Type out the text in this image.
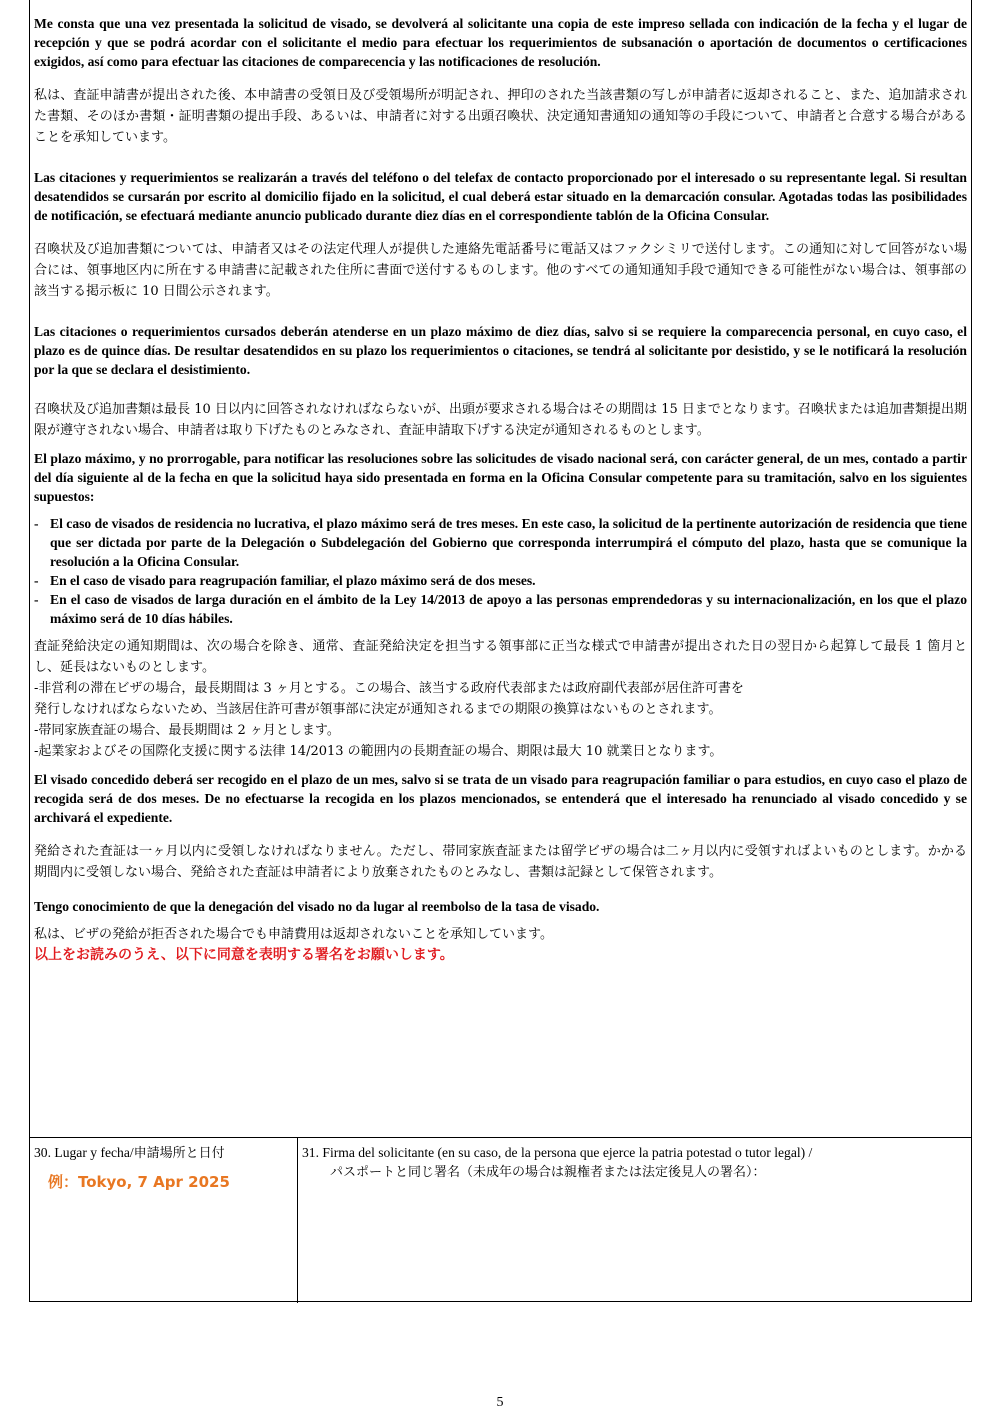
Me consta que una vez presentada la solicitud de visado, se devolverá al solicitante una copia de este impreso sellada con indicación de la fecha y el lugar de recepción y que se podrá acordar con el solicitante el medio para efectuar los requerimientos de subsanación o aportación de documentos o certificaciones exigidos, así como para efectuar las citaciones de comparecencia y las notificaciones de resolución.

私は、査証申請書が提出された後、本申請書の受領日及び受領場所が明記され、押印のされた当該書類の写しが申請者に返却されること、また、追加請求された書類、そのほか書類・証明書類の提出手段、あるいは、申請者に対する出頭召喚状、決定通知書通知の通知等の手段について、申請者と合意する場合があることを承知しています。

Las citaciones y requerimientos se realizarán a través del teléfono o del telefax de contacto proporcionado por el interesado o su representante legal. Si resultan desatendidos se cursarán por escrito al domicilio fijado en la solicitud, el cual deberá estar situado en la demarcación consular. Agotadas todas las posibilidades de notificación, se efectuará mediante anuncio publicado durante diez días en el correspondiente tablón de la Oficina Consular.

召喚状及び追加書類については、申請者又はその法定代理人が提供した連絡先電話番号に電話又はファクシミリで送付します。この通知に対して回答がない場合には、領事地区内に所在する申請書に記載された住所に書面で送付するものします。他のすべての通知通知手段で通知できる可能性がない場合は、領事部の該当する掲示板に 10 日間公示されます。

Las citaciones o requerimientos cursados deberán atenderse en un plazo máximo de diez días, salvo si se requiere la comparecencia personal, en cuyo caso, el plazo es de quince días. De resultar desatendidos en su plazo los requerimientos o citaciones, se tendrá al solicitante por desistido, y se le notificará la resolución por la que se declara el desistimiento.

召喚状及び追加書類は最長 10 日以内に回答されなければならないが、出頭が要求される場合はその期間は 15 日までとなります。召喚状または追加書類提出期限が遵守されない場合、申請者は取り下げたものとみなされ、査証申請取下げする決定が通知されるものとします。

El plazo máximo, y no prorrogable, para notificar las resoluciones sobre las solicitudes de visado nacional será, con carácter general, de un mes, contado a partir del día siguiente al de la fecha en que la solicitud haya sido presentada en forma en la Oficina Consular competente para su tramitación, salvo en los siguientes supuestos:

- El caso de visados de residencia no lucrativa, el plazo máximo será de tres meses. En este caso, la solicitud de la pertinente autorización de residencia que tiene que ser dictada por parte de la Delegación o Subdelegación del Gobierno que corresponda interrumpirá el cómputo del plazo, hasta que se comunique la resolución a la Oficina Consular.
- En el caso de visado para reagrupación familiar, el plazo máximo será de dos meses.
- En el caso de visados de larga duración en el ámbito de la Ley 14/2013 de apoyo a las personas emprendedoras y su internacionalización, en los que el plazo máximo será de 10 días hábiles.

査証発給決定の通知期間は、次の場合を除き、通常、査証発給決定を担当する領事部に正当な様式で申請書が提出された日の翌日から起算して最長 1 箇月とし、延長はないものとします。

-非営利の滞在ビザの場合，最長期間は 3 ヶ月とする。この場合、該当する政府代表部または政府副代表部が居住許可書を

発行しなければならないため、当該居住許可書が領事部に決定が通知されるまでの期限の換算はないものとされます。

-帯同家族査証の場合、最長期間は 2 ヶ月とします。

-起業家およびその国際化支援に関する法律 14/2013 の範囲内の長期査証の場合、期限は最大 10 就業日となります。

El visado concedido deberá ser recogido en el plazo de un mes, salvo si se trata de un visado para reagrupación familiar o para estudios, en cuyo caso el plazo de recogida será de dos meses. De no efectuarse la recogida en los plazos mencionados, se entenderá que el interesado ha renunciado al visado concedido y se archivará el expediente.

発給された査証は一ヶ月以内に受領しなければなりません。ただし、帯同家族査証または留学ビザの場合は二ヶ月以内に受領すればよいものとします。かかる期間内に受領しない場合、発給された査証は申請者により放棄されたものとみなし、書類は記録として保管されます。

Tengo conocimiento de que la denegación del visado no da lugar al reembolso de la tasa de visado.

私は、ビザの発給が拒否された場合でも申請費用は返却されないことを承知しています。

以上をお読みのうえ、以下に同意を表明する署名をお願いします。

30. Lugar y fecha/申請場所と日付

例：Tokyo, 7 Apr 2025

31. Firma del solicitante (en su caso, de la persona que ejerce la patria potestad o tutor legal) /

パスポートと同じ署名（未成年の場合は親権者または法定後見人の署名）：

5
